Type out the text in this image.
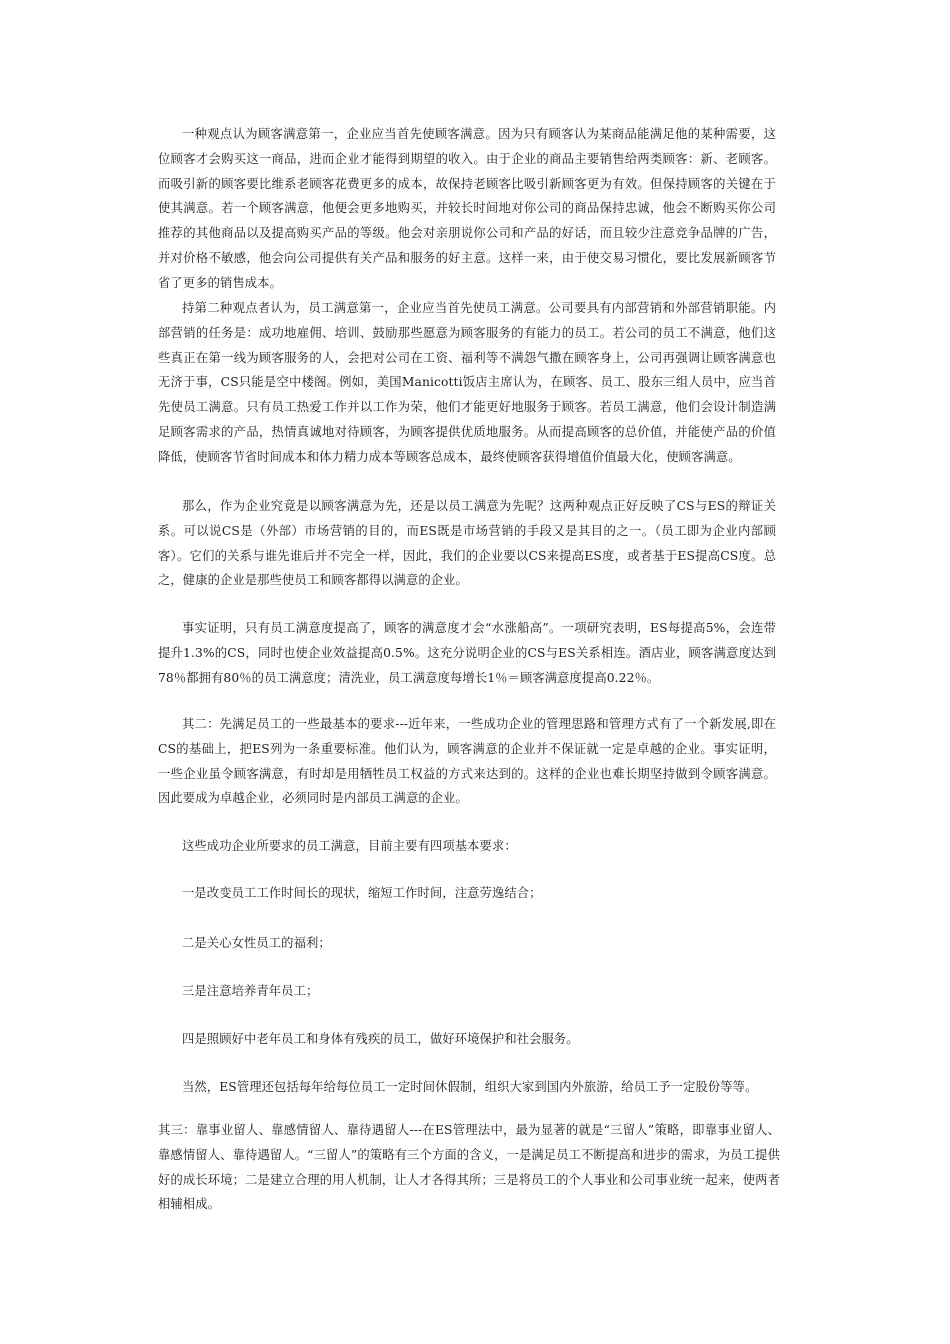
一种观点认为顾客满意第一，企业应当首先使顾客满意。因为只有顾客认为某商品能满足他的某种需要，这位顾客才会购买这一商品，进而企业才能得到期望的收入。由于企业的商品主要销售给两类顾客：新、老顾客。而吸引新的顾客要比维系老顾客花费更多的成本，故保持老顾客比吸引新顾客更为有效。但保持顾客的关键在于使其满意。若一个顾客满意，他便会更多地购买，并较长时间地对你公司的商品保持忠诚，他会不断购买你公司推荐的其他商品以及提高购买产品的等级。他会对亲朋说你公司和产品的好话，而且较少注意竞争品牌的广告，并对价格不敏感，他会向公司提供有关产品和服务的好主意。这样一来，由于使交易习惯化，要比发展新顾客节省了更多的销售成本。

持第二种观点者认为，员工满意第一，企业应当首先使员工满意。公司要具有内部营销和外部营销职能。内部营销的任务是：成功地雇佣、培训、鼓励那些愿意为顾客服务的有能力的员工。若公司的员工不满意，他们这些真正在第一线为顾客服务的人，会把对公司在工资、福利等不满怨气撒在顾客身上，公司再强调让顾客满意也无济于事，CS只能是空中楼阁。例如，美国Manicotti饭店主席认为，在顾客、员工、股东三组人员中，应当首先使员工满意。只有员工热爱工作并以工作为荣，他们才能更好地服务于顾客。若员工满意，他们会设计制造满足顾客需求的产品，热情真诚地对待顾客，为顾客提供优质地服务。从而提高顾客的总价值，并能使产品的价值降低，使顾客节省时间成本和体力精力成本等顾客总成本，最终使顾客获得增值价值最大化，使顾客满意。

那么，作为企业究竟是以顾客满意为先，还是以员工满意为先呢？这两种观点正好反映了CS与ES的辩证关系。可以说CS是（外部）市场营销的目的，而ES既是市场营销的手段又是其目的之一。（员工即为企业内部顾客）。它们的关系与谁先谁后并不完全一样，因此，我们的企业要以CS来提高ES度，或者基于ES提高CS度。总之，健康的企业是那些使员工和顾客都得以满意的企业。

事实证明，只有员工满意度提高了，顾客的满意度才会“水涨船高”。一项研究表明，ES每提高5%，会连带提升1.3%的CS，同时也使企业效益提高0.5%。这充分说明企业的CS与ES关系相连。酒店业，顾客满意度达到78％都拥有80％的员工满意度；清洗业，员工满意度每增长1％＝顾客满意度提高0.22％。

其二：先满足员工的一些最基本的要求---近年来，一些成功企业的管理思路和管理方式有了一个新发展,即在CS的基础上，把ES列为一条重要标准。他们认为，顾客满意的企业并不保证就一定是卓越的企业。事实证明，一些企业虽令顾客满意，有时却是用牺牲员工权益的方式来达到的。这样的企业也难长期坚持做到令顾客满意。因此要成为卓越企业，必须同时是内部员工满意的企业。

这些成功企业所要求的员工满意，目前主要有四项基本要求：

一是改变员工工作时间长的现状，缩短工作时间，注意劳逸结合；

二是关心女性员工的福利；

三是注意培养青年员工；

四是照顾好中老年员工和身体有残疾的员工，做好环境保护和社会服务。

当然，ES管理还包括每年给每位员工一定时间休假制，组织大家到国内外旅游，给员工予一定股份等等。

其三：靠事业留人、靠感情留人、靠待遇留人---在ES管理法中，最为显著的就是“三留人”策略，即靠事业留人、靠感情留人、靠待遇留人。“三留人”的策略有三个方面的含义，一是满足员工不断提高和进步的需求，为员工提供好的成长环境；二是建立合理的用人机制，让人才各得其所；三是将员工的个人事业和公司事业统一起来，使两者相辅相成。
